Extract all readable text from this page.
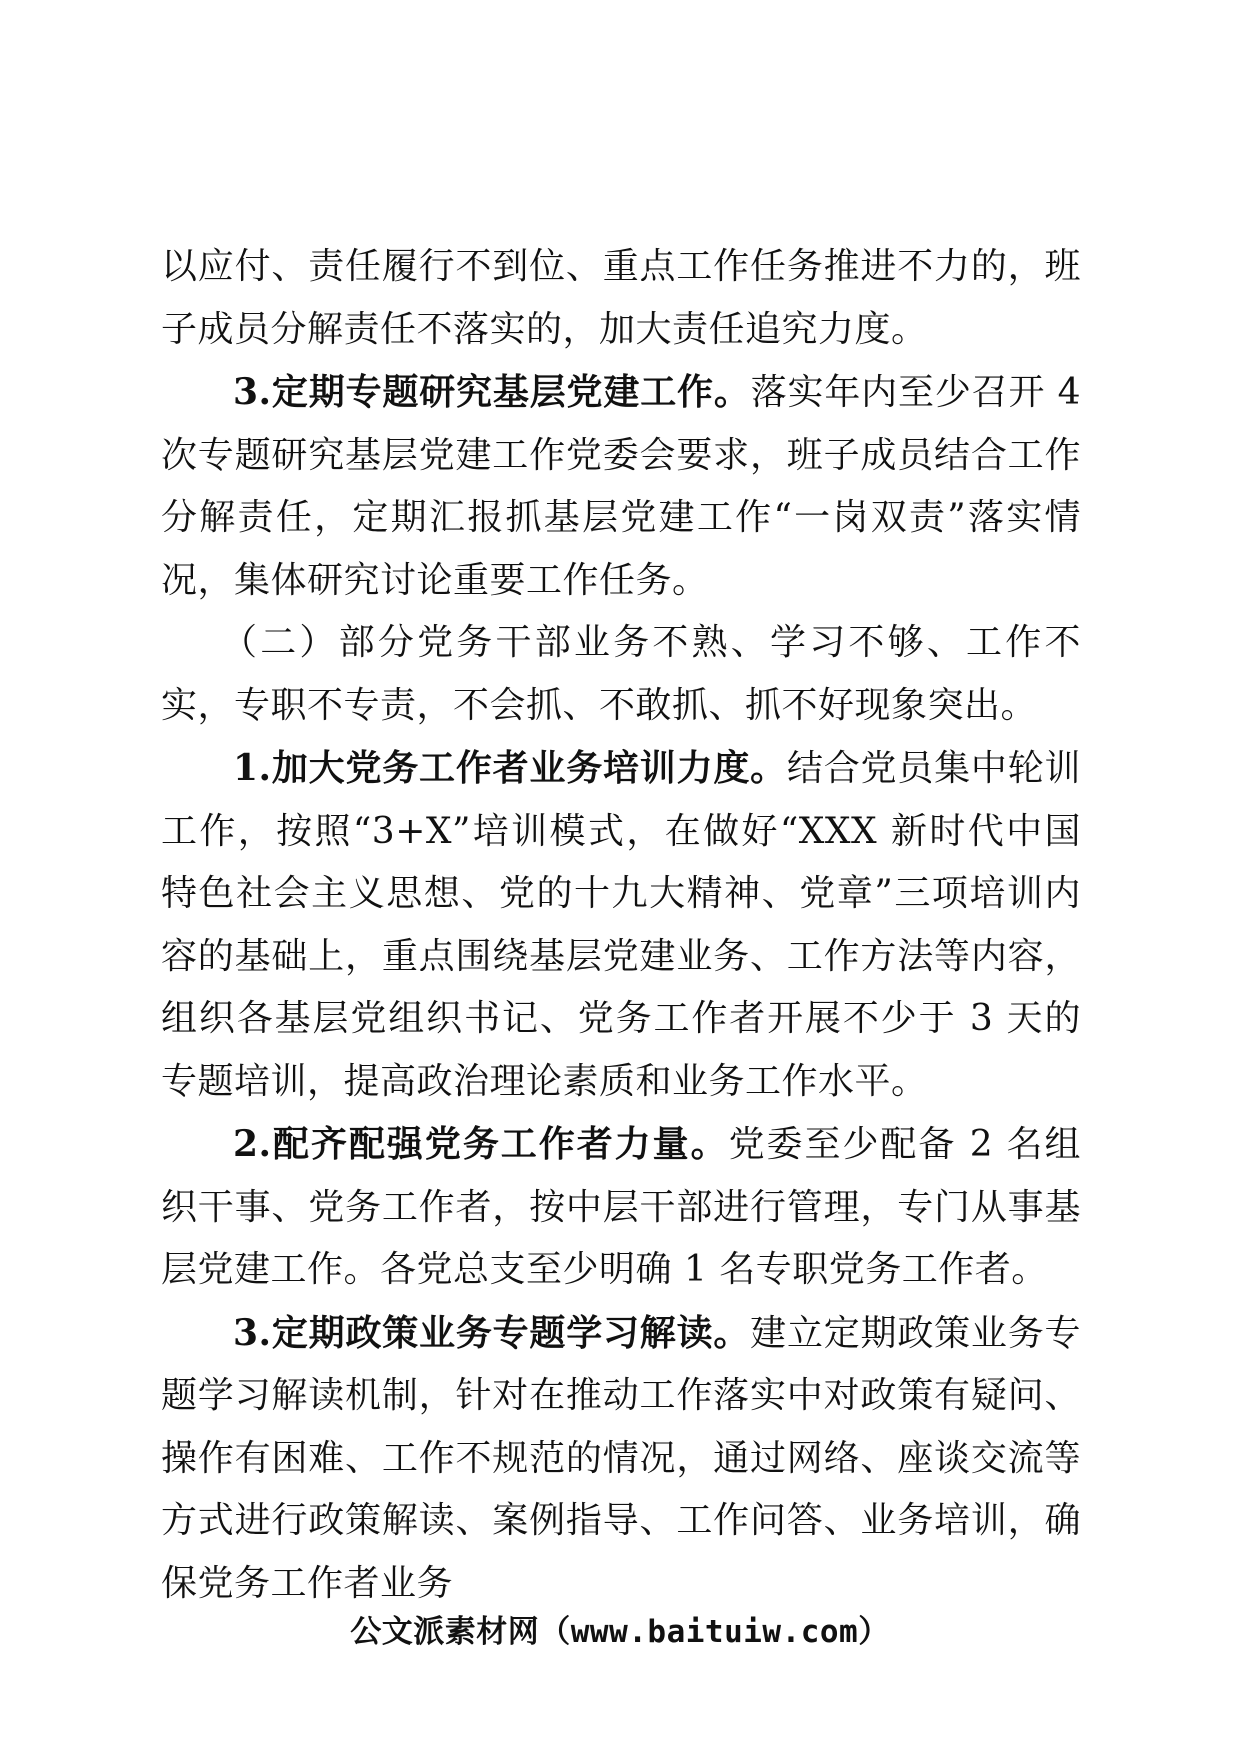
以应付、责任履行不到位、重点工作任务推进不力的，班子成员分解责任不落实的，加大责任追究力度。

3.定期专题研究基层党建工作。落实年内至少召开 4 次专题研究基层党建工作党委会要求，班子成员结合工作分解责任，定期汇报抓基层党建工作“一岗双责”落实情况，集体研究讨论重要工作任务。

（二）部分党务干部业务不熟、学习不够、工作不实，专职不专责，不会抓、不敢抓、抓不好现象突出。

1.加大党务工作者业务培训力度。结合党员集中轮训工作，按照“3+X”培训模式，在做好“XXX 新时代中国特色社会主义思想、党的十九大精神、党章”三项培训内容的基础上，重点围绕基层党建业务、工作方法等内容，组织各基层党组织书记、党务工作者开展不少于 3 天的专题培训，提高政治理论素质和业务工作水平。

2.配齐配强党务工作者力量。党委至少配备 2 名组织干事、党务工作者，按中层干部进行管理，专门从事基层党建工作。各党总支至少明确 1 名专职党务工作者。

3.定期政策业务专题学习解读。建立定期政策业务专题学习解读机制，针对在推动工作落实中对政策有疑问、操作有困难、工作不规范的情况，通过网络、座谈交流等方式进行政策解读、案例指导、工作问答、业务培训，确保党务工作者业务

公文派素材网（www.baituiw.com）
